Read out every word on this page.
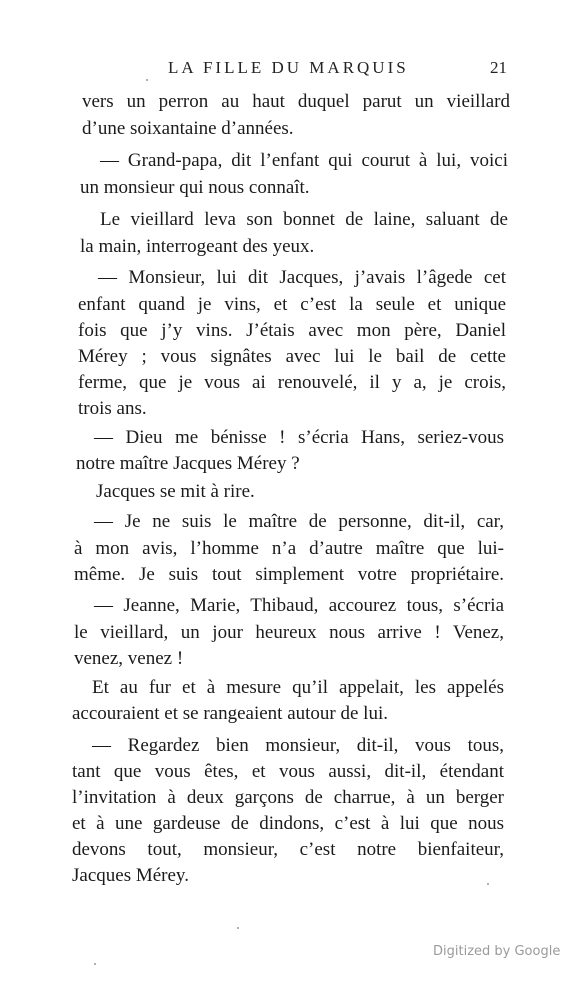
LA FILLE DU MARQUIS	21
vers un perron au haut duquel parut un vieillard
d’une soixantaine d’années.
— Grand-papa, dit l’enfant qui courut à lui, voici
un monsieur qui nous connaît.
Le vieillard leva son bonnet de laine, saluant de
la main, interrogeant des yeux.
— Monsieur, lui dit Jacques, j’avais l’âgede cet
enfant quand je vins, et c’est la seule et unique
fois que j’y vins. J’étais avec mon père, Daniel
Mérey ; vous signâtes avec lui le bail de cette
ferme, que je vous ai renouvelé, il y a, je crois,
trois ans.
— Dieu me bénisse ! s’écria Hans, seriez-vous
notre maître Jacques Mérey ?
Jacques se mit à rire.
— Je ne suis le maître de personne, dit-il, car,
à mon avis, l’homme n’a d’autre maître que lui-
même. Je suis tout simplement votre propriétaire.
— Jeanne, Marie, Thibaud, accourez tous, s’écria
le vieillard, un jour heureux nous arrive ! Venez,
venez, venez !
Et au fur et à mesure qu’il appelait, les appelés
accouraient et se rangeaient autour de lui.
— Regardez bien monsieur, dit-il, vous tous,
tant que vous êtes, et vous aussi, dit-il, étendant
l’invitation à deux garçons de charrue, à un berger
et à une gardeuse de dindons, c’est à lui que nous
devons tout, monsieur, c’est notre bienfaiteur,
Jacques Mérey.
Digitized by Google
